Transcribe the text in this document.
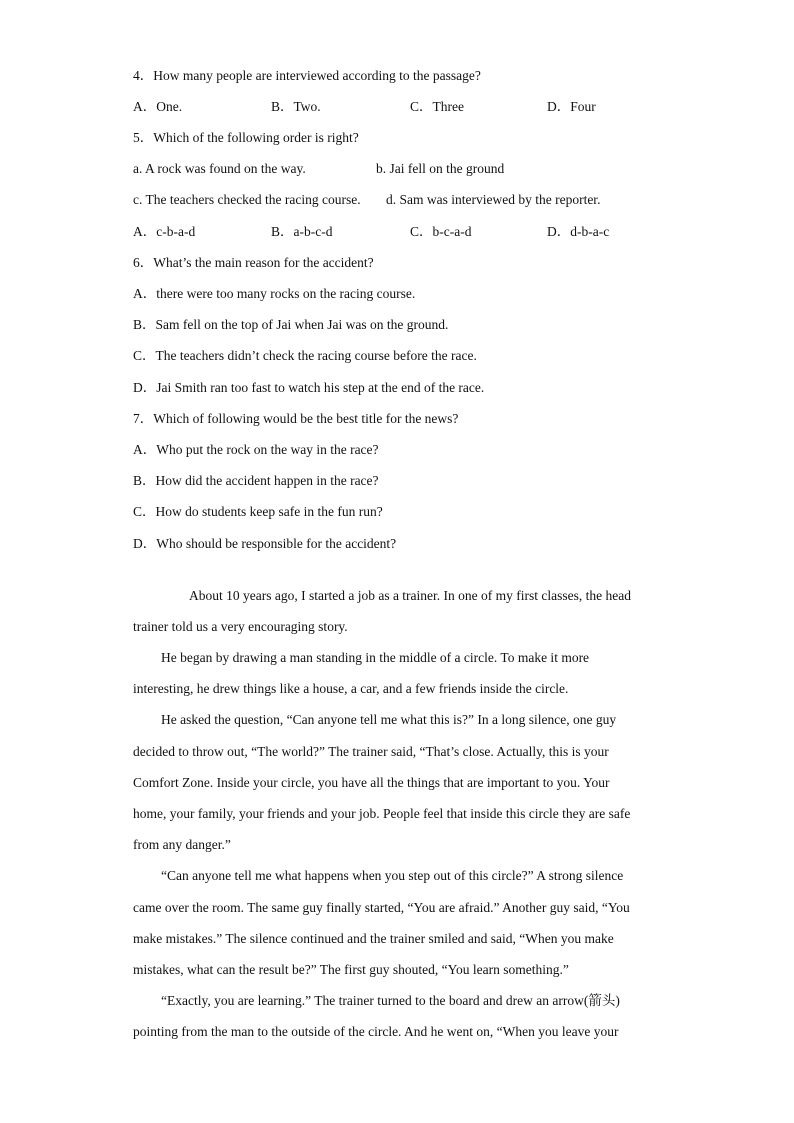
4．How many people are interviewed according to the passage?
A．One.	B．Two.	C．Three	D．Four
5．Which of the following order is right?
a. A rock was found on the way.	b. Jai fell on the ground
c. The teachers checked the racing course. d. Sam was interviewed by the reporter.
A．c-b-a-d	B．a-b-c-d	C．b-c-a-d	D．d-b-a-c
6．What’s the main reason for the accident?
A．there were too many rocks on the racing course.
B．Sam fell on the top of Jai when Jai was on the ground.
C．The teachers didn’t check the racing course before the race.
D．Jai Smith ran too fast to watch his step at the end of the race.
7．Which of following would be the best title for the news?
A．Who put the rock on the way in the race?
B．How did the accident happen in the race?
C．How do students keep safe in the fun run?
D．Who should be responsible for the accident?
About 10 years ago, I started a job as a trainer. In one of my first classes, the head
trainer told us a very encouraging story.
He began by drawing a man standing in the middle of a circle. To make it more
interesting, he drew things like a house, a car, and a few friends inside the circle.
He asked the question, “Can anyone tell me what this is?” In a long silence, one guy
decided to throw out, “The world?” The trainer said, “That’s close. Actually, this is your
Comfort Zone. Inside your circle, you have all the things that are important to you. Your
home, your family, your friends and your job. People feel that inside this circle they are safe
from any danger.”
“Can anyone tell me what happens when you step out of this circle?” A strong silence
came over the room. The same guy finally started, “You are afraid.” Another guy said, “You
make mistakes.” The silence continued and the trainer smiled and said, “When you make
mistakes, what can the result be?” The first guy shouted, “You learn something.”
“Exactly, you are learning.” The trainer turned to the board and drew an arrow(箭头)
pointing from the man to the outside of the circle. And he went on, “When you leave your
